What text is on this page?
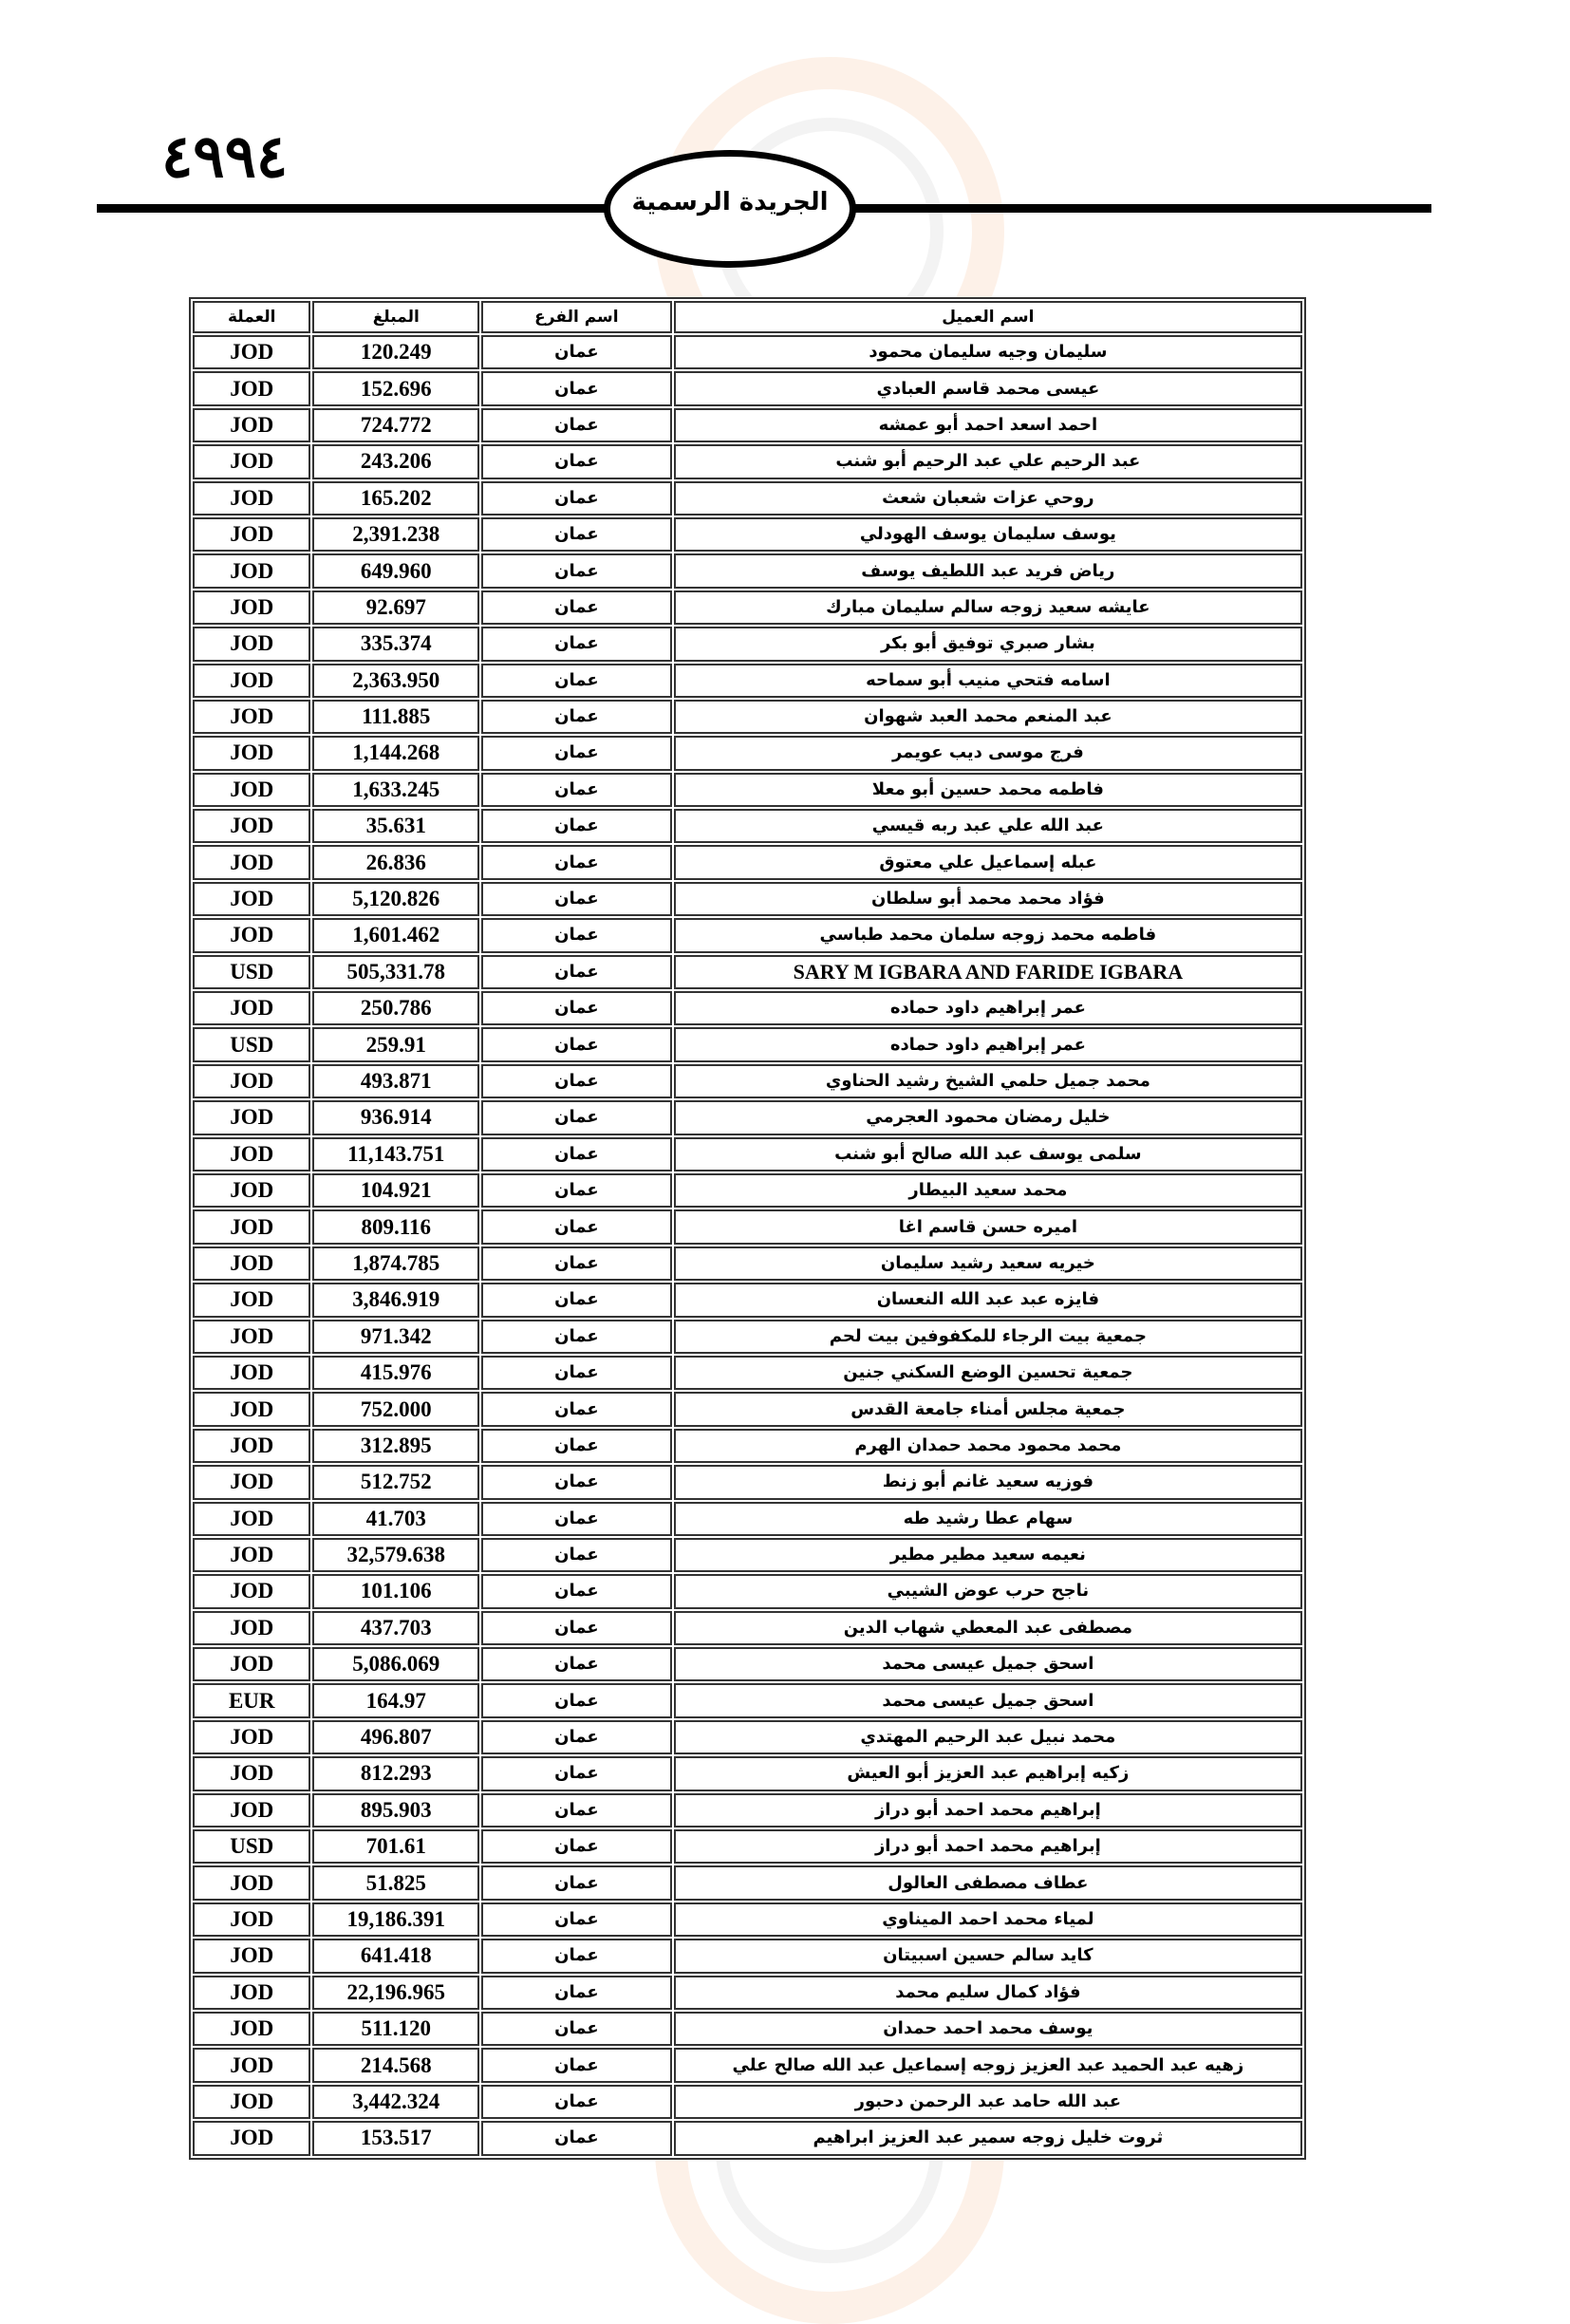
٤٩٩٤
الجريدة الرسمية
اسم العميل	اسم الفرع	المبلغ	العملة
سليمان وجيه سليمان محمود	عمان	120.249	JOD
عيسى محمد قاسم العبادي	عمان	152.696	JOD
احمد اسعد احمد أبو عمشه	عمان	724.772	JOD
عبد الرحيم علي عبد الرحيم أبو شنب	عمان	243.206	JOD
روحي عزات شعبان شعث	عمان	165.202	JOD
يوسف سليمان يوسف الهودلي	عمان	2,391.238	JOD
رياض فريد عبد اللطيف يوسف	عمان	649.960	JOD
عايشه سعيد زوجه سالم سليمان مبارك	عمان	92.697	JOD
بشار صبري توفيق أبو بكر	عمان	335.374	JOD
اسامه فتحي منيب أبو سماحه	عمان	2,363.950	JOD
عبد المنعم محمد العبد شهوان	عمان	111.885	JOD
فرج موسى ديب عويمر	عمان	1,144.268	JOD
فاطمه محمد حسين أبو معلا	عمان	1,633.245	JOD
عبد الله علي عبد ربه قيسي	عمان	35.631	JOD
عبله إسماعيل علي معتوق	عمان	26.836	JOD
فؤاد محمد محمد أبو سلطان	عمان	5,120.826	JOD
فاطمه محمد زوجه سلمان محمد طباسي	عمان	1,601.462	JOD
SARY M IGBARA AND FARIDE IGBARA	عمان	505,331.78	USD
عمر إبراهيم داود حماده	عمان	250.786	JOD
عمر إبراهيم داود حماده	عمان	259.91	USD
محمد جميل حلمي الشيخ رشيد الحناوي	عمان	493.871	JOD
خليل رمضان محمود العجرمي	عمان	936.914	JOD
سلمى يوسف عبد الله صالح أبو شنب	عمان	11,143.751	JOD
محمد سعيد البيطار	عمان	104.921	JOD
اميره حسن قاسم اغا	عمان	809.116	JOD
خيريه سعيد رشيد سليمان	عمان	1,874.785	JOD
فايزه عبد عبد الله النعسان	عمان	3,846.919	JOD
جمعية بيت الرجاء للمكفوفين بيت لحم	عمان	971.342	JOD
جمعية تحسين الوضع السكني جنين	عمان	415.976	JOD
جمعية مجلس أمناء جامعة القدس	عمان	752.000	JOD
محمد محمود محمد حمدان الهرم	عمان	312.895	JOD
فوزيه سعيد غانم أبو زنط	عمان	512.752	JOD
سهام عطا رشيد طه	عمان	41.703	JOD
نعيمه سعيد مطير مطير	عمان	32,579.638	JOD
ناجح حرب عوض الشيبي	عمان	101.106	JOD
مصطفى عبد المعطي شهاب الدين	عمان	437.703	JOD
اسحق جميل عيسى محمد	عمان	5,086.069	JOD
اسحق جميل عيسى محمد	عمان	164.97	EUR
محمد نبيل عبد الرحيم المهتدي	عمان	496.807	JOD
زكيه إبراهيم عبد العزيز أبو العيش	عمان	812.293	JOD
إبراهيم محمد احمد أبو دراز	عمان	895.903	JOD
إبراهيم محمد احمد أبو دراز	عمان	701.61	USD
عطاف مصطفى العالول	عمان	51.825	JOD
لمياء محمد احمد الميناوي	عمان	19,186.391	JOD
كايد سالم حسين اسبيتان	عمان	641.418	JOD
فؤاد كمال سليم محمد	عمان	22,196.965	JOD
يوسف محمد احمد حمدان	عمان	511.120	JOD
زهيه عبد الحميد عبد العزيز زوجه إسماعيل عبد الله صالح علي	عمان	214.568	JOD
عبد الله حامد عبد الرحمن دحبور	عمان	3,442.324	JOD
ثروت خليل زوجه سمير عبد العزيز ابراهيم	عمان	153.517	JOD
